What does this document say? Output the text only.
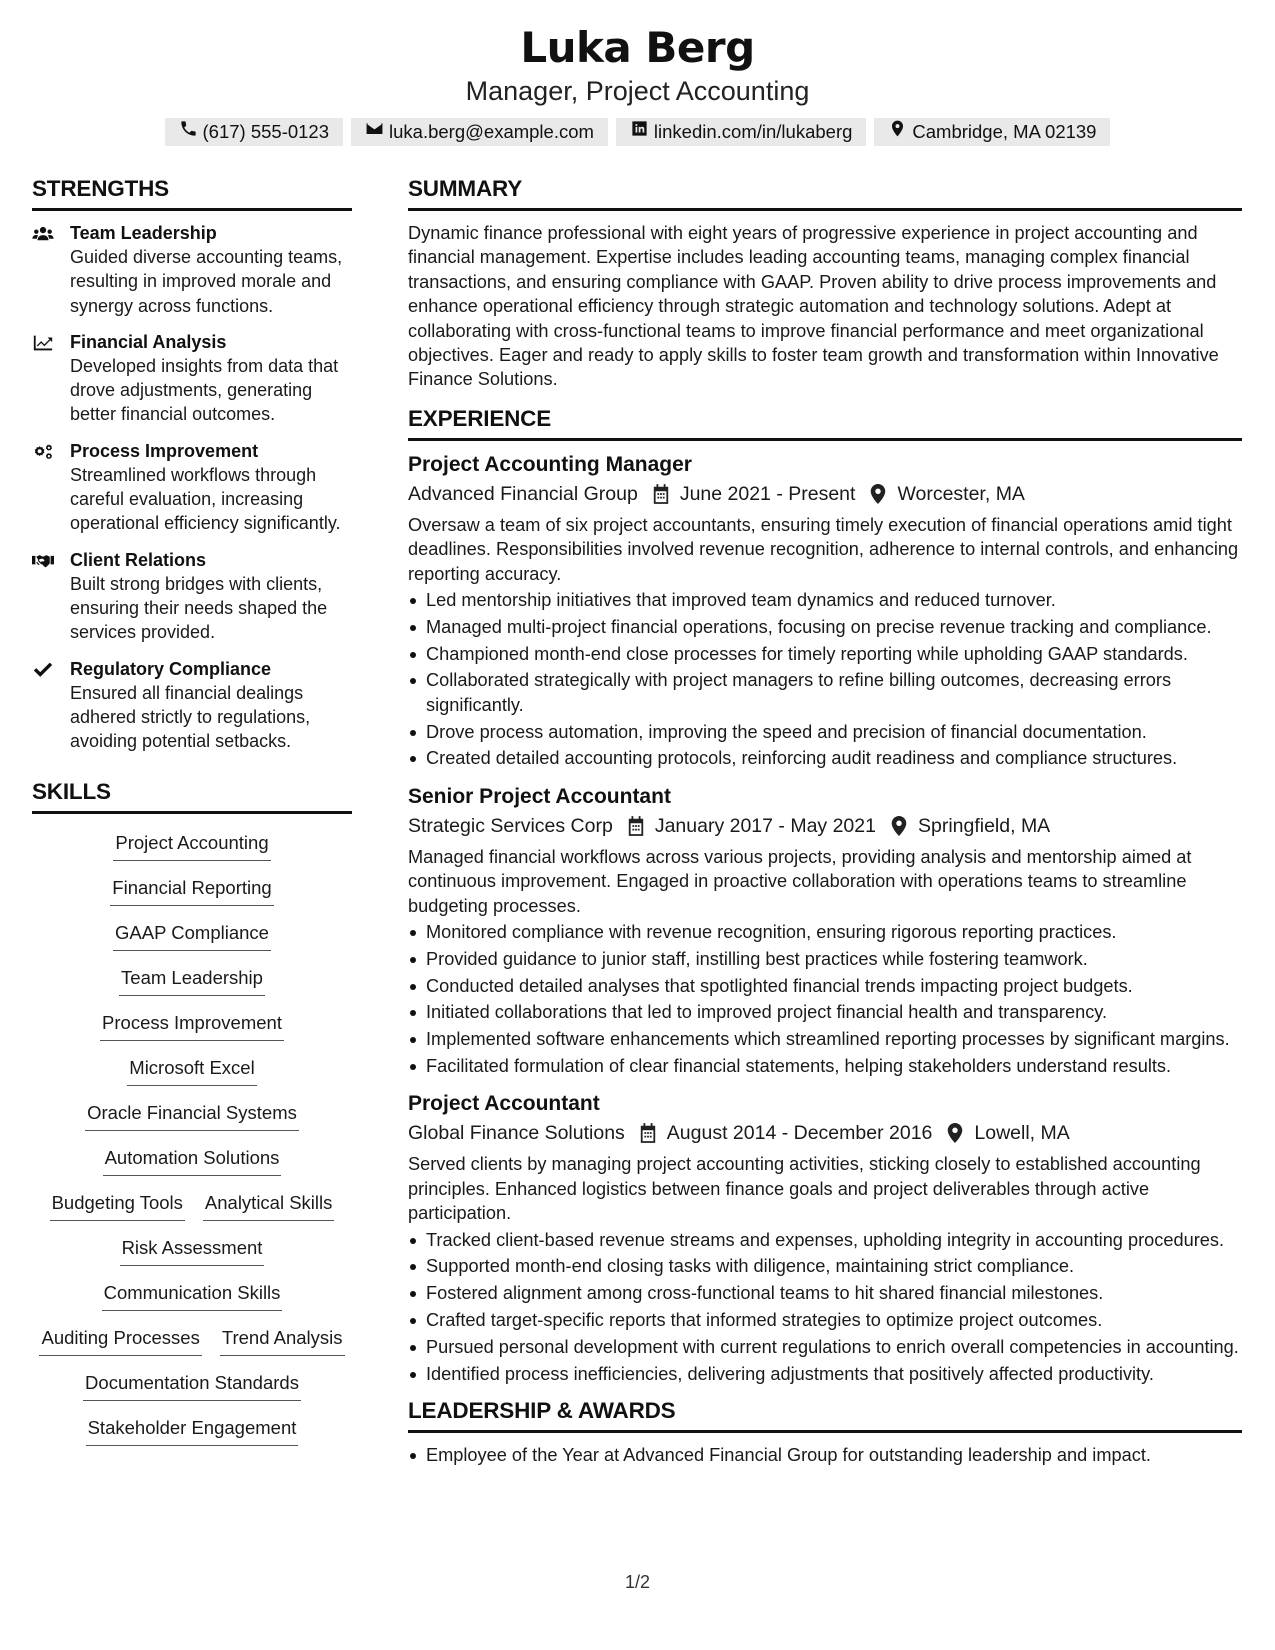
Luka Berg
Manager, Project Accounting
(617) 555-0123	luka.berg@example.com	linkedin.com/in/lukaberg	Cambridge, MA 02139
STRENGTHS
Team Leadership
Guided diverse accounting teams, resulting in improved morale and synergy across functions.
Financial Analysis
Developed insights from data that drove adjustments, generating better financial outcomes.
Process Improvement
Streamlined workflows through careful evaluation, increasing operational efficiency significantly.
Client Relations
Built strong bridges with clients, ensuring their needs shaped the services provided.
Regulatory Compliance
Ensured all financial dealings adhered strictly to regulations, avoiding potential setbacks.
SKILLS
Project Accounting
Financial Reporting
GAAP Compliance
Team Leadership
Process Improvement
Microsoft Excel
Oracle Financial Systems
Automation Solutions
Budgeting Tools Analytical Skills
Risk Assessment
Communication Skills
Auditing Processes Trend Analysis
Documentation Standards
Stakeholder Engagement
SUMMARY
Dynamic finance professional with eight years of progressive experience in project accounting and financial management. Expertise includes leading accounting teams, managing complex financial transactions, and ensuring compliance with GAAP. Proven ability to drive process improvements and enhance operational efficiency through strategic automation and technology solutions. Adept at collaborating with cross-functional teams to improve financial performance and meet organizational objectives. Eager and ready to apply skills to foster team growth and transformation within Innovative Finance Solutions.
EXPERIENCE
Project Accounting Manager
Advanced Financial Group June 2021 - Present Worcester, MA
Oversaw a team of six project accountants, ensuring timely execution of financial operations amid tight deadlines. Responsibilities involved revenue recognition, adherence to internal controls, and enhancing reporting accuracy.
Led mentorship initiatives that improved team dynamics and reduced turnover.
Managed multi-project financial operations, focusing on precise revenue tracking and compliance.
Championed month-end close processes for timely reporting while upholding GAAP standards.
Collaborated strategically with project managers to refine billing outcomes, decreasing errors significantly.
Drove process automation, improving the speed and precision of financial documentation.
Created detailed accounting protocols, reinforcing audit readiness and compliance structures.
Senior Project Accountant
Strategic Services Corp January 2017 - May 2021 Springfield, MA
Managed financial workflows across various projects, providing analysis and mentorship aimed at continuous improvement. Engaged in proactive collaboration with operations teams to streamline budgeting processes.
Monitored compliance with revenue recognition, ensuring rigorous reporting practices.
Provided guidance to junior staff, instilling best practices while fostering teamwork.
Conducted detailed analyses that spotlighted financial trends impacting project budgets.
Initiated collaborations that led to improved project financial health and transparency.
Implemented software enhancements which streamlined reporting processes by significant margins.
Facilitated formulation of clear financial statements, helping stakeholders understand results.
Project Accountant
Global Finance Solutions August 2014 - December 2016 Lowell, MA
Served clients by managing project accounting activities, sticking closely to established accounting principles. Enhanced logistics between finance goals and project deliverables through active participation.
Tracked client-based revenue streams and expenses, upholding integrity in accounting procedures.
Supported month-end closing tasks with diligence, maintaining strict compliance.
Fostered alignment among cross-functional teams to hit shared financial milestones.
Crafted target-specific reports that informed strategies to optimize project outcomes.
Pursued personal development with current regulations to enrich overall competencies in accounting.
Identified process inefficiencies, delivering adjustments that positively affected productivity.
LEADERSHIP & AWARDS
Employee of the Year at Advanced Financial Group for outstanding leadership and impact.
1/2
